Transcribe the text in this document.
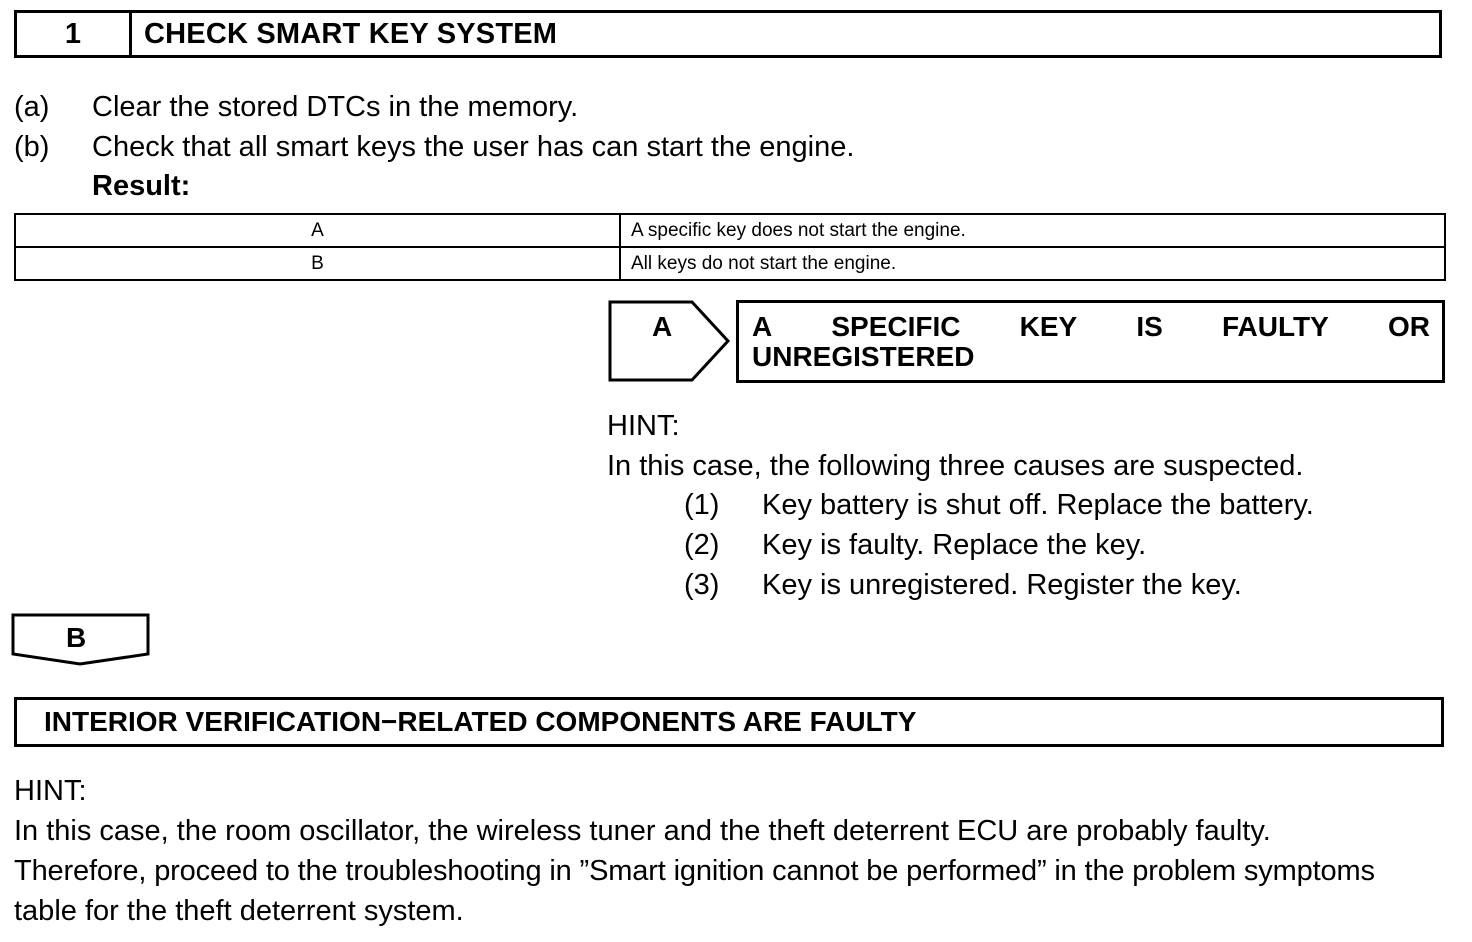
1	CHECK SMART KEY SYSTEM
(a) Clear the stored DTCs in the memory.
(b) Check that all smart keys the user has can start the engine.
Result:
A	A specific key does not start the engine.
B	All keys do not start the engine.
A	A SPECIFIC KEY IS FAULTY OR
UNREGISTERED
HINT:
In this case, the following three causes are suspected.
(1) Key battery is shut off. Replace the battery.
(2) Key is faulty. Replace the key.
(3) Key is unregistered. Register the key.
B
INTERIOR VERIFICATION−RELATED COMPONENTS ARE FAULTY
HINT:
In this case, the room oscillator, the wireless tuner and the theft deterrent ECU are probably faulty.
Therefore, proceed to the troubleshooting in ”Smart ignition cannot be performed” in the problem symptoms
table for the theft deterrent system.
